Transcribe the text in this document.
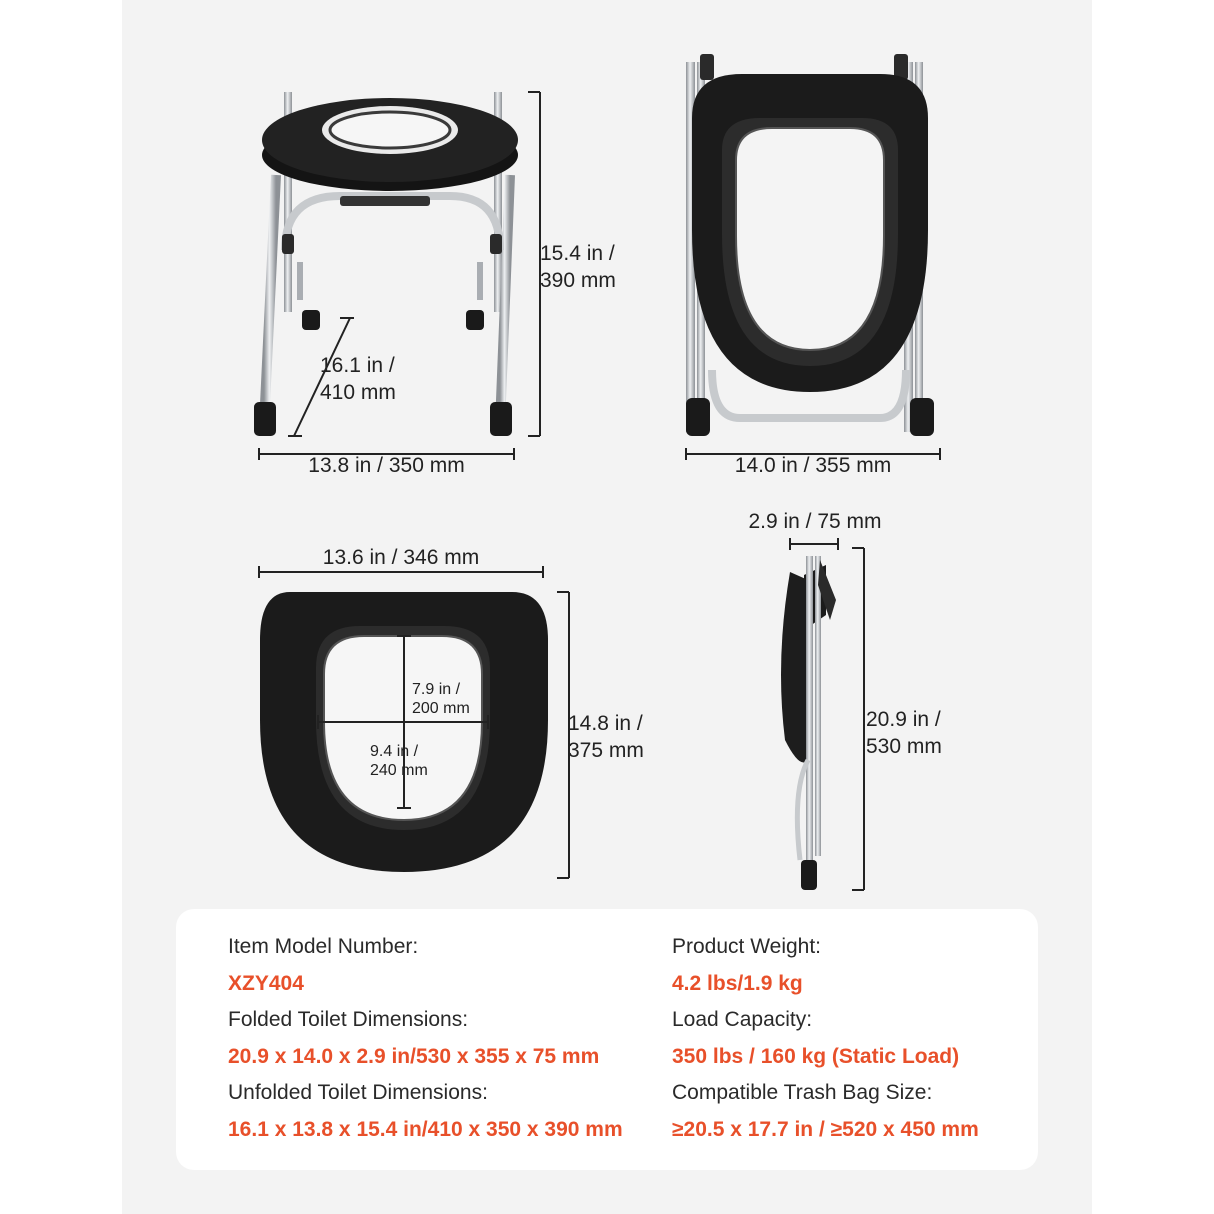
15.4 in /
390 mm
16.1 in /
410 mm
13.8 in / 350 mm	14.0 in / 355 mm
13.6 in / 346 mm
14.8 in /
375 mm
7.9 in /
200 mm
9.4 in /
240 mm
2.9 in / 75 mm
20.9 in /
530 mm
Item Model Number:
XZY404
Folded Toilet Dimensions:
20.9 x 14.0 x 2.9 in/530 x 355 x 75 mm
Unfolded Toilet Dimensions:
16.1 x 13.8 x 15.4 in/410 x 350 x 390 mm
Product Weight:
4.2 lbs/1.9 kg
Load Capacity:
350 lbs / 160 kg (Static Load)
Compatible Trash Bag Size:
≥20.5 x 17.7 in / ≥520 x 450 mm
